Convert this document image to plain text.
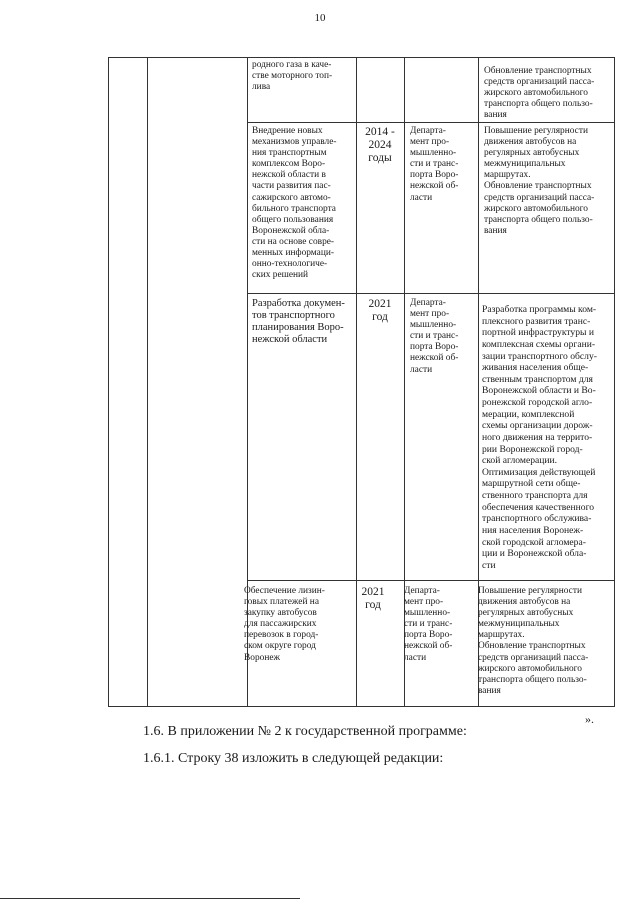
10

родного газа в каче-
стве моторного топ-
лива

Обновление транспортных
средств организаций пасса-
жирского автомобильного
транспорта общего пользо-
вания

Внедрение новых
механизмов управле-
ния транспортным
комплексом Воро-
нежской области в
части развития пас-
сажирского автомо-
бильного транспорта
общего пользования
Воронежской обла-
сти на основе совре-
менных информаци-
онно-технологиче-
ских решений

2014 -
2024
годы

Департа-
мент про-
мышленно-
сти и транс-
порта Воро-
нежской об-
ласти

Повышение регулярности
движения автобусов на
регулярных автобусных
межмуниципальных
маршрутах.
Обновление транспортных
средств организаций пасса-
жирского автомобильного
транспорта общего пользо-
вания

Разработка докумен-
тов транспортного
планирования Воро-
нежской области

2021
год

Департа-
мент про-
мышленно-
сти и транс-
порта Воро-
нежской об-
ласти

Разработка программы ком-
плексного развития транс-
портной инфраструктуры и
комплексная схемы органи-
зации транспортного обслу-
живания населения обще-
ственным транспортом для
Воронежской области и Во-
ронежской городской агло-
мерации, комплексной
схемы организации дорож-
ного движения на террито-
рии Воронежской город-
ской агломерации.
Оптимизация действующей
маршрутной сети обще-
ственного транспорта для
обеспечения качественного
транспортного обслужива-
ния населения Воронеж-
ской городской агломера-
ции и Воронежской обла-
сти

Обеспечение лизин-
говых платежей на
закупку автобусов
для пассажирских
перевозок в город-
ском округе город
Воронеж

2021
год

Департа-
мент про-
мышленно-
сти и транс-
порта Воро-
нежской об-
ласти

Повышение регулярности
движения автобусов на
регулярных автобусных
межмуниципальных
маршрутах.
Обновление транспортных
средств организаций пасса-
жирского автомобильного
транспорта общего пользо-
вания

».

1.6. В приложении № 2 к государственной программе:

1.6.1. Строку 38 изложить в следующей редакции:
